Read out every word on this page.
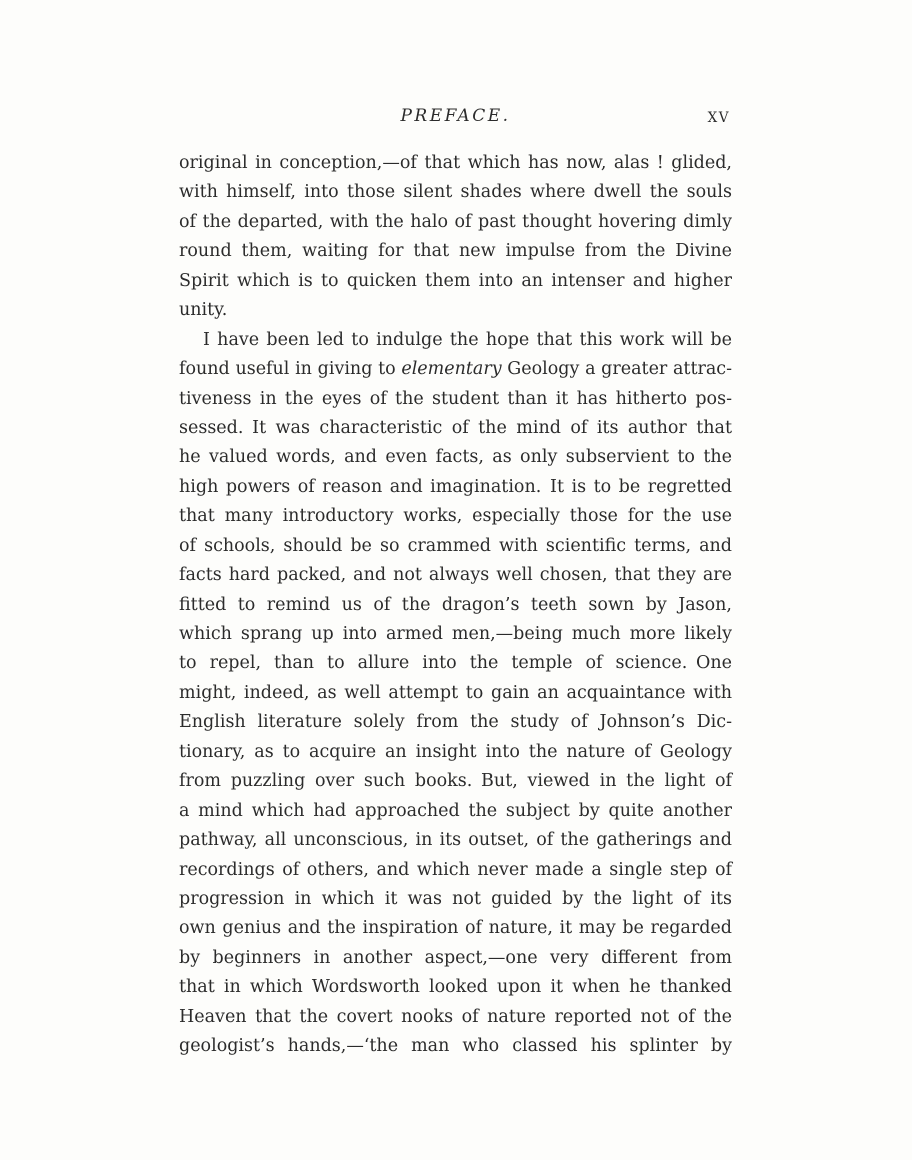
PREFACE.	XV
original in conception,—of that which has now, alas ! glided,
with himself, into those silent shades where dwell the souls
of the departed, with the halo of past thought hovering dimly
round them, waiting for that new impulse from the Divine
Spirit which is to quicken them into an intenser and higher
unity.
I have been led to indulge the hope that this work will be
found useful in giving to elementary Geology a greater attrac-
tiveness in the eyes of the student than it has hitherto pos-
sessed. It was characteristic of the mind of its author that
he valued words, and even facts, as only subservient to the
high powers of reason and imagination. It is to be regretted
that many introductory works, especially those for the use
of schools, should be so crammed with scientific terms, and
facts hard packed, and not always well chosen, that they are
fitted to remind us of the dragon’s teeth sown by Jason,
which sprang up into armed men,—being much more likely
to repel, than to allure into the temple of science. One
might, indeed, as well attempt to gain an acquaintance with
English literature solely from the study of Johnson’s Dic-
tionary, as to acquire an insight into the nature of Geology
from puzzling over such books. But, viewed in the light of
a mind which had approached the subject by quite another
pathway, all unconscious, in its outset, of the gatherings and
recordings of others, and which never made a single step of
progression in which it was not guided by the light of its
own genius and the inspiration of nature, it may be regarded
by beginners in another aspect,—one very different from
that in which Wordsworth looked upon it when he thanked
Heaven that the covert nooks of nature reported not of the
geologist’s hands,—‘the man who classed his splinter by
